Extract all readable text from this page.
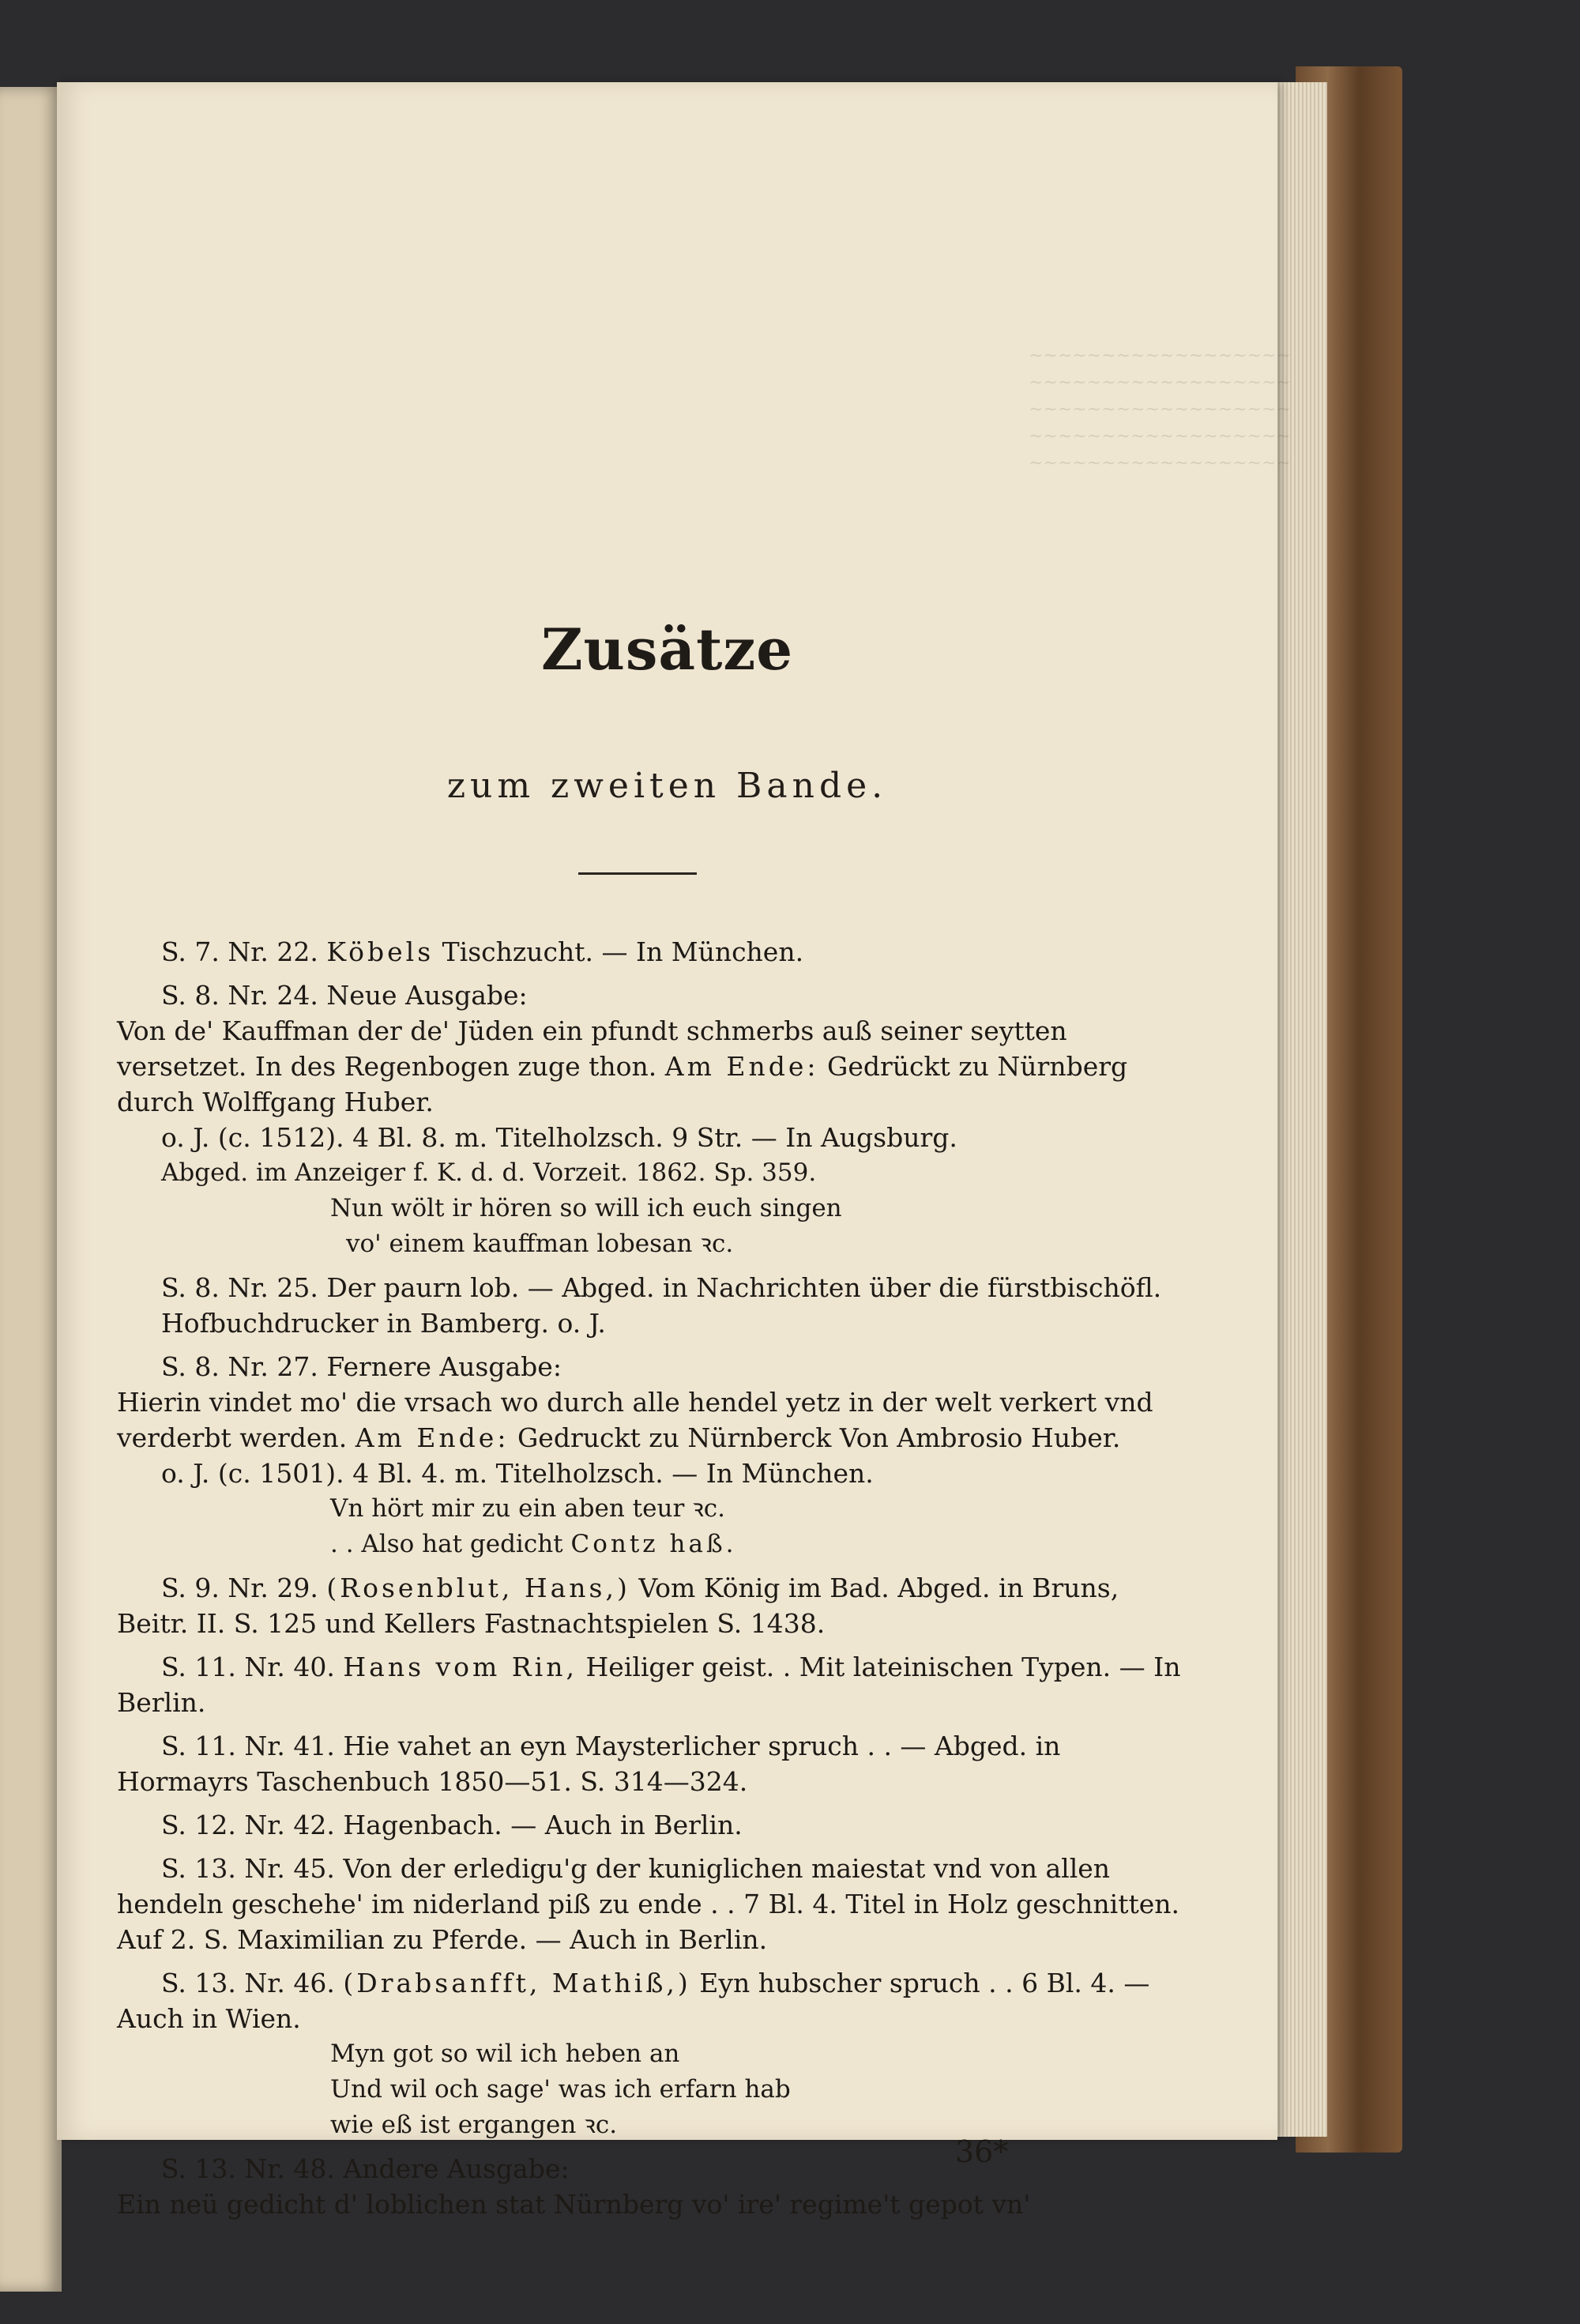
~~~~~~~~~~~~~~~~~~
~~~~~~~~~~~~~~~~~~
~~~~~~~~~~~~~~~~~~
~~~~~~~~~~~~~~~~~~
~~~~~~~~~~~~~~~~~~
Zusätze
zum zweiten Bande.

S. 7. Nr. 22. Köbels Tischzucht. — In München.

S. 8. Nr. 24. Neue Ausgabe:

Von de' Kauffman der de' Jüden ein pfundt schmerbs auß seiner seytten versetzet. In des Regenbogen zuge thon. Am Ende: Gedrückt zu Nürnberg durch Wolffgang Huber.

o. J. (c. 1512). 4 Bl. 8. m. Titelholzsch. 9 Str. — In Augsburg.

Abged. im Anzeiger f. K. d. d. Vorzeit. 1862. Sp. 359.

Nun wölt ir hören so will ich euch singen

vo' einem kauffman lobesan ꝛc.

S. 8. Nr. 25. Der paurn lob. — Abged. in Nachrichten über die fürstbischöfl. Hofbuchdrucker in Bamberg. o. J.

S. 8. Nr. 27. Fernere Ausgabe:

Hierin vindet mo' die vrsach wo durch alle hendel yetz in der welt verkert vnd verderbt werden. Am Ende: Gedruckt zu Nürnberck Von Ambrosio Huber.

o. J. (c. 1501). 4 Bl. 4. m. Titelholzsch. — In München.

Vn hört mir zu ein aben teur ꝛc.

. . Also hat gedicht Contz haß.

S. 9. Nr. 29. (Rosenblut, Hans,) Vom König im Bad. Abged. in Bruns, Beitr. II. S. 125 und Kellers Fastnachtspielen S. 1438.

S. 11. Nr. 40. Hans vom Rin, Heiliger geist. . Mit lateinischen Typen. — In Berlin.

S. 11. Nr. 41. Hie vahet an eyn Maysterlicher spruch . . — Abged. in Hormayrs Taschenbuch 1850—51. S. 314—324.

S. 12. Nr. 42. Hagenbach. — Auch in Berlin.

S. 13. Nr. 45. Von der erledigu'g der kuniglichen maiestat vnd von allen hendeln geschehe' im niderland piß zu ende . . 7 Bl. 4. Titel in Holz geschnitten. Auf 2. S. Maximilian zu Pferde. — Auch in Berlin.

S. 13. Nr. 46. (Drabsanfft, Mathiß,) Eyn hubscher spruch . . 6 Bl. 4. — Auch in Wien.

Myn got so wil ich heben an

Und wil och sage' was ich erfarn hab

wie eß ist ergangen ꝛc.

S. 13. Nr. 48. Andere Ausgabe:

Ein neü gedicht d' loblichen stat Nürnberg vo' ire' regime't gepot vn'

36*
